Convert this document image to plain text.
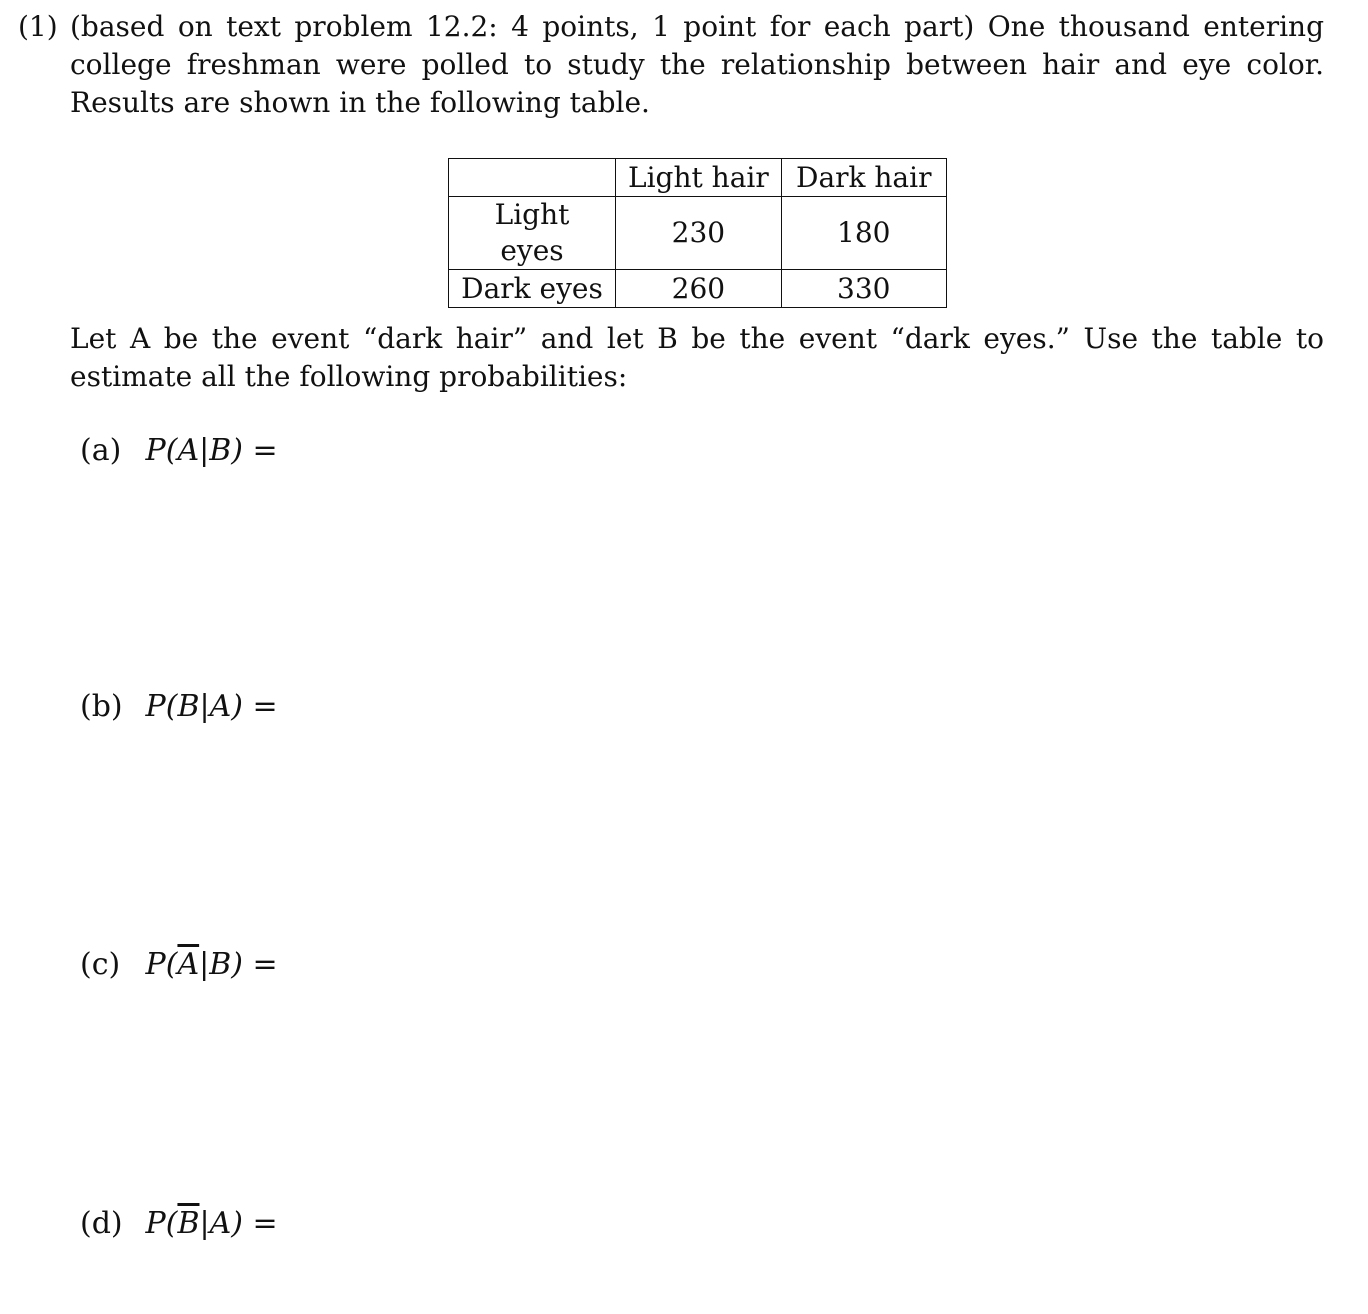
(1) (based on text problem 12.2: 4 points, 1 point for each part) One thousand entering college freshman were polled to study the relationship between hair and eye color. Results are shown in the following table.
	Light hair	Dark hair
Light eyes	230	180
Dark eyes	260	330
Let A be the event “dark hair” and let B be the event “dark eyes.” Use the table to estimate all the following probabilities:
(a) P(A|B) =
(b) P(B|A) =
(c) $P(\overline{A}|B)$ =
(d) $P(\overline{B}|A)$ =
